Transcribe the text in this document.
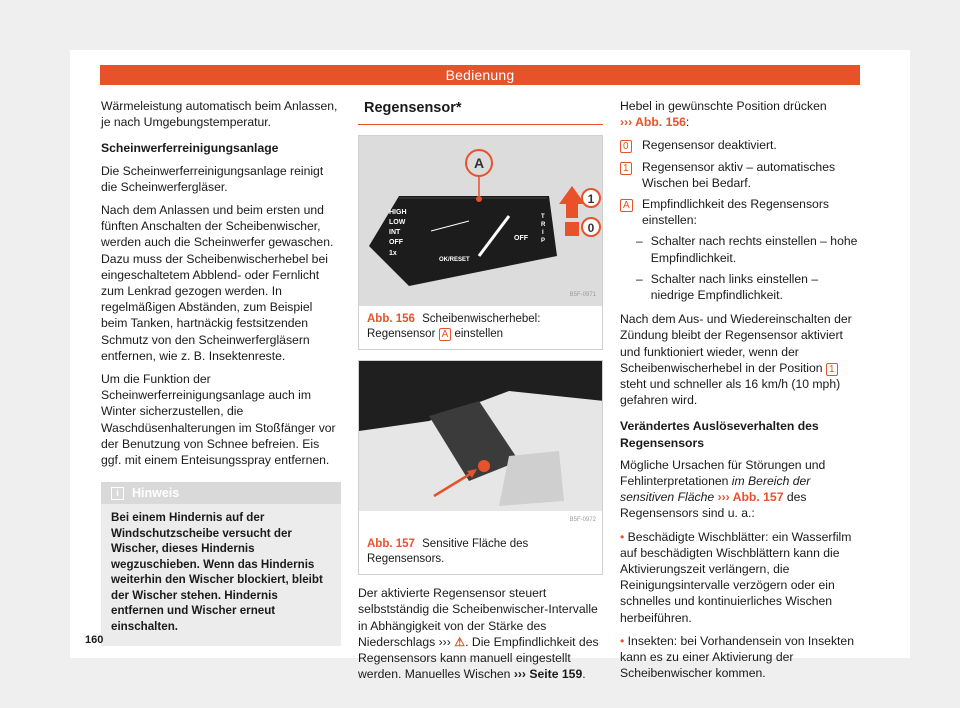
Bedienung

Wärmeleistung automatisch beim Anlassen, je nach Umgebungstemperatur.

Scheinwerferreinigungsanlage

Die Scheinwerferreinigungsanlage reinigt die Scheinwerfergläser.

Nach dem Anlassen und beim ersten und fünften Anschalten der Scheibenwischer, werden auch die Scheinwerfer gewaschen. Dazu muss der Scheibenwischerhebel bei eingeschaltetem Abblend- oder Fernlicht zum Lenkrad gezogen werden. In regelmäßigen Abständen, zum Beispiel beim Tanken, hartnäckig festsitzenden Schmutz von den Scheinwerfergläsern entfernen, wie z. B. Insektenreste.

Um die Funktion der Scheinwerferreinigungsanlage auch im Winter sicherzustellen, die Waschdüsenhalterungen im Stoßfänger vor der Benutzung von Schnee befreien. Eis ggf. mit einem Enteisungsspray entfernen.

i	Hinweis
Bei einem Hindernis auf der Windschutzscheibe versucht der Wischer, dieses Hindernis wegzuschieben. Wenn das Hindernis weiterhin den Wischer blockiert, bleibt der Wischer stehen. Hindernis entfernen und Wischer erneut einschalten.
Regensensor*
A
1
0
HIGH
LOW
INT
OFF
1x
OK/RESET
OFF
T
R
I
P
B5F-0971
Abb. 156 Scheibenwischerhebel: Regensensor A einstellen
B5F-0972
Abb. 157 Sensitive Fläche des Regensensors.

Der aktivierte Regensensor steuert selbstständig die Scheibenwischer-Intervalle in Abhängigkeit von der Stärke des Niederschlags ››› ⚠. Die Empfindlichkeit des Regensensors kann manuell eingestellt werden. Manuelles Wischen ››› Seite 159.

Hebel in gewünschte Position drücken
››› Abb. 156:

0	Regensensor deaktiviert.
1	Regensensor aktiv – automatisches Wischen bei Bedarf.
A	Empfindlichkeit des Regensensors einstellen:
– Schalter nach rechts einstellen – hohe Empfindlichkeit.
– Schalter nach links einstellen – niedrige Empfindlichkeit.

Nach dem Aus- und Wiedereinschalten der Zündung bleibt der Regensensor aktiviert und funktioniert wieder, wenn der Scheibenwischerhebel in der Position 1 steht und schneller als 16 km/h (10 mph) gefahren wird.

Verändertes Auslöseverhalten des Regensensors

Mögliche Ursachen für Störungen und Fehlinterpretationen im Bereich der sensitiven Fläche ››› Abb. 157 des Regensensors sind u. a.:

• Beschädigte Wischblätter: ein Wasserfilm auf beschädigten Wischblättern kann die Aktivierungszeit verlängern, die Reinigungsintervalle verzögern oder ein schnelles und kontinuierliches Wischen herbeiführen.

• Insekten: bei Vorhandensein von Insekten kann es zu einer Aktivierung der Scheibenwischer kommen.

160
